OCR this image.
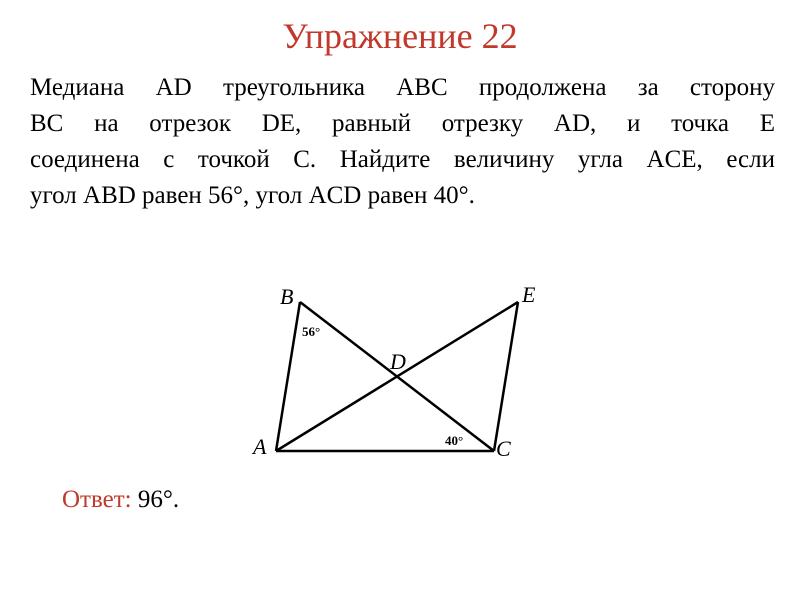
Упражнение 22
Медиана AD треугольника ABC продолжена за сторону
BC на отрезок DE, равный отрезку AD, и точка E
соединена с точкой C. Найдите величину угла ACE, если
угол ABD равен 56°, угол ACD равен 40°.
B	E
D
A	C
56°
40°
Ответ: 96°.
